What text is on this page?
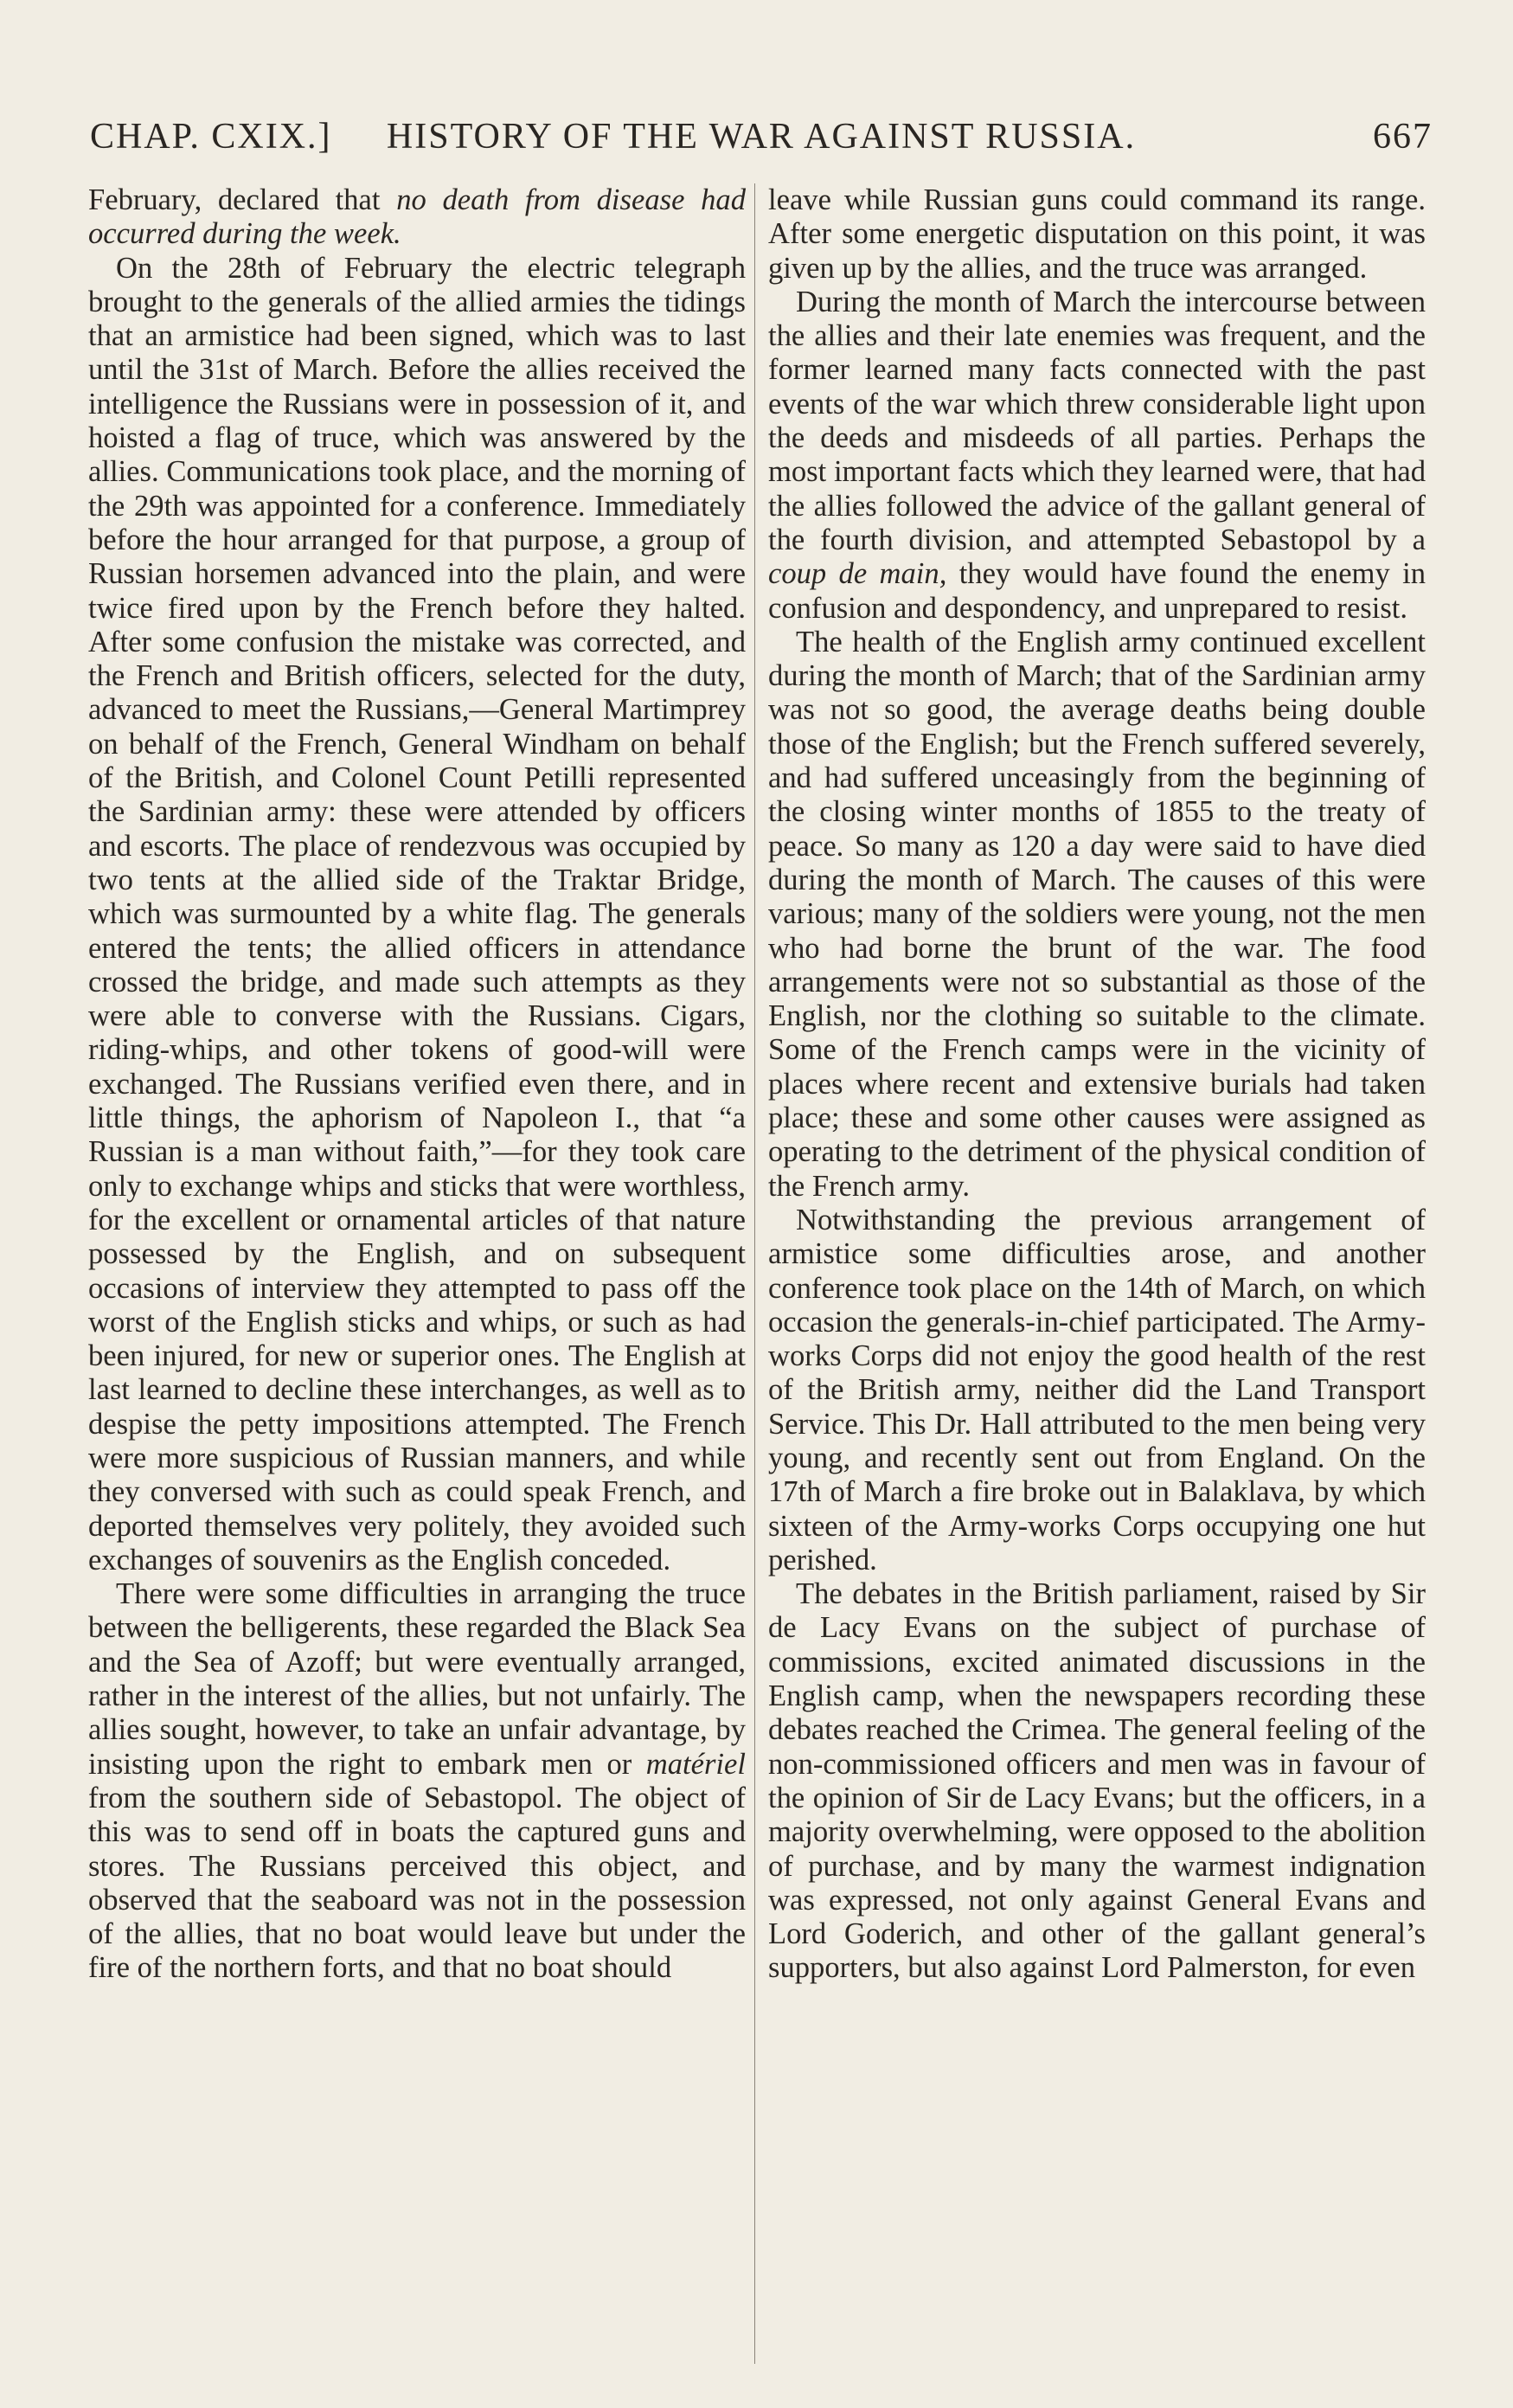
CHAP. CXIX.]	HISTORY OF THE WAR AGAINST RUSSIA.	667

February, declared that no death from disease had occurred during the week.

On the 28th of February the electric telegraph brought to the generals of the allied armies the tidings that an armistice had been signed, which was to last until the 31st of March. Before the allies received the intelligence the Russians were in possession of it, and hoisted a flag of truce, which was answered by the allies. Communications took place, and the morning of the 29th was appointed for a conference. Immediately before the hour arranged for that purpose, a group of Russian horsemen advanced into the plain, and were twice fired upon by the French before they halted. After some confusion the mistake was corrected, and the French and British officers, selected for the duty, advanced to meet the Russians,—General Martimprey on behalf of the French, General Windham on behalf of the British, and Colonel Count Petilli represented the Sardinian army: these were attended by officers and escorts. The place of rendezvous was occupied by two tents at the allied side of the Traktar Bridge, which was surmounted by a white flag. The generals entered the tents; the allied officers in attendance crossed the bridge, and made such attempts as they were able to converse with the Russians. Cigars, riding-whips, and other tokens of good-will were exchanged. The Russians verified even there, and in little things, the aphorism of Napoleon I., that “a Russian is a man without faith,”—for they took care only to exchange whips and sticks that were worthless, for the excellent or ornamental articles of that nature possessed by the English, and on subsequent occasions of interview they attempted to pass off the worst of the English sticks and whips, or such as had been injured, for new or superior ones. The English at last learned to decline these interchanges, as well as to despise the petty impositions attempted. The French were more suspicious of Russian manners, and while they conversed with such as could speak French, and deported themselves very politely, they avoided such exchanges of souvenirs as the English conceded.

There were some difficulties in arranging the truce between the belligerents, these regarded the Black Sea and the Sea of Azoff; but were eventually arranged, rather in the interest of the allies, but not unfairly. The allies sought, however, to take an unfair advantage, by insisting upon the right to embark men or matériel from the southern side of Sebastopol. The object of this was to send off in boats the captured guns and stores. The Russians perceived this object, and observed that the seaboard was not in the possession of the allies, that no boat would leave but under the fire of the northern forts, and that no boat should

leave while Russian guns could command its range. After some energetic disputation on this point, it was given up by the allies, and the truce was arranged.

During the month of March the intercourse between the allies and their late enemies was frequent, and the former learned many facts connected with the past events of the war which threw considerable light upon the deeds and misdeeds of all parties. Perhaps the most important facts which they learned were, that had the allies followed the advice of the gallant general of the fourth division, and attempted Sebastopol by a coup de main, they would have found the enemy in confusion and despondency, and unprepared to resist.

The health of the English army continued excellent during the month of March; that of the Sardinian army was not so good, the average deaths being double those of the English; but the French suffered severely, and had suffered unceasingly from the beginning of the closing winter months of 1855 to the treaty of peace. So many as 120 a day were said to have died during the month of March. The causes of this were various; many of the soldiers were young, not the men who had borne the brunt of the war. The food arrangements were not so substantial as those of the English, nor the clothing so suitable to the climate. Some of the French camps were in the vicinity of places where recent and extensive burials had taken place; these and some other causes were assigned as operating to the detriment of the physical condition of the French army.

Notwithstanding the previous arrangement of armistice some difficulties arose, and another conference took place on the 14th of March, on which occasion the generals-in-chief participated. The Army-works Corps did not enjoy the good health of the rest of the British army, neither did the Land Transport Service. This Dr. Hall attributed to the men being very young, and recently sent out from England. On the 17th of March a fire broke out in Balaklava, by which sixteen of the Army-works Corps occupying one hut perished.

The debates in the British parliament, raised by Sir de Lacy Evans on the subject of purchase of commissions, excited animated discussions in the English camp, when the newspapers recording these debates reached the Crimea. The general feeling of the non-commissioned officers and men was in favour of the opinion of Sir de Lacy Evans; but the officers, in a majority overwhelming, were opposed to the abolition of purchase, and by many the warmest indignation was expressed, not only against General Evans and Lord Goderich, and other of the gallant general’s supporters, but also against Lord Palmerston, for even
